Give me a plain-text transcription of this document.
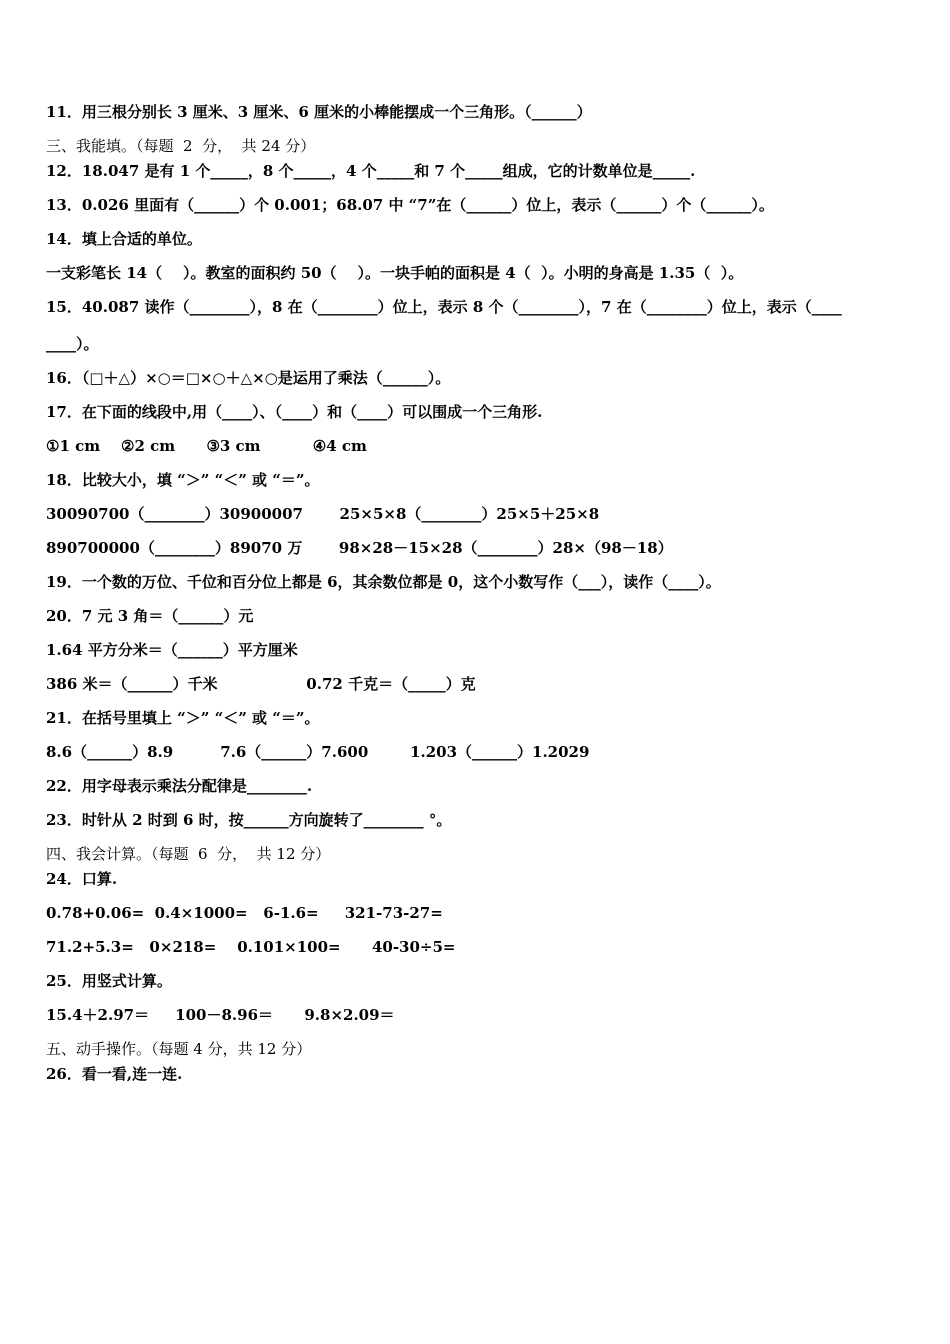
11．用三根分别长 3 厘米、3 厘米、6 厘米的小棒能摆成一个三角形。（______）
三、我能填。（每题  2  分，  共 24 分）
12．18.047 是有 1 个_____，8 个_____，4 个_____和 7 个_____组成，它的计数单位是_____.
13．0.026 里面有（______）个 0.001；68.07 中 “7”在（______）位上，表示（______）个（______）。
14．填上合适的单位。
一支彩笔长 14（    ）。教室的面积约 50（    ）。一块手帕的面积是 4（  ）。小明的身高是 1.35（  ）。
15．40.087 读作（________），8 在（________）位上，表示 8 个（________），7 在（________）位上，表示（____
____）。
16．（□＋△）×○＝□×○＋△×○是运用了乘法（______）。
17．在下面的线段中,用（____）、（____）和（____）可以围成一个三角形.
①1 cm    ②2 cm      ③3 cm          ④4 cm
18．比较大小，填 “＞” “＜” 或 “＝”。
30090700（________）30900007       25×5×8（________）25×5＋25×8
890700000（________）89070 万       98×28－15×28（________）28×（98－18）
19．一个数的万位、千位和百分位上都是 6，其余数位都是 0，这个小数写作（___），读作（____）。
20．7 元 3 角＝（______）元
1.64 平方分米＝（______）平方厘米
386 米＝（______）千米                 0.72 千克＝（_____）克
21．在括号里填上 “＞” “＜” 或 “＝”。
8.6（______）8.9         7.6（______）7.600        1.203（______）1.2029
22．用字母表示乘法分配律是________.
23．时针从 2 时到 6 时，按______方向旋转了________ °。
四、我会计算。（每题  6  分，  共 12 分）
24．口算.
0.78+0.06=  0.4×1000=   6-1.6=     321-73-27=
71.2+5.3=   0×218=    0.101×100=      40-30÷5=
25．用竖式计算。
15.4＋2.97＝     100－8.96＝      9.8×2.09＝
五、动手操作。（每题 4 分，共 12 分）
26．看一看,连一连.
